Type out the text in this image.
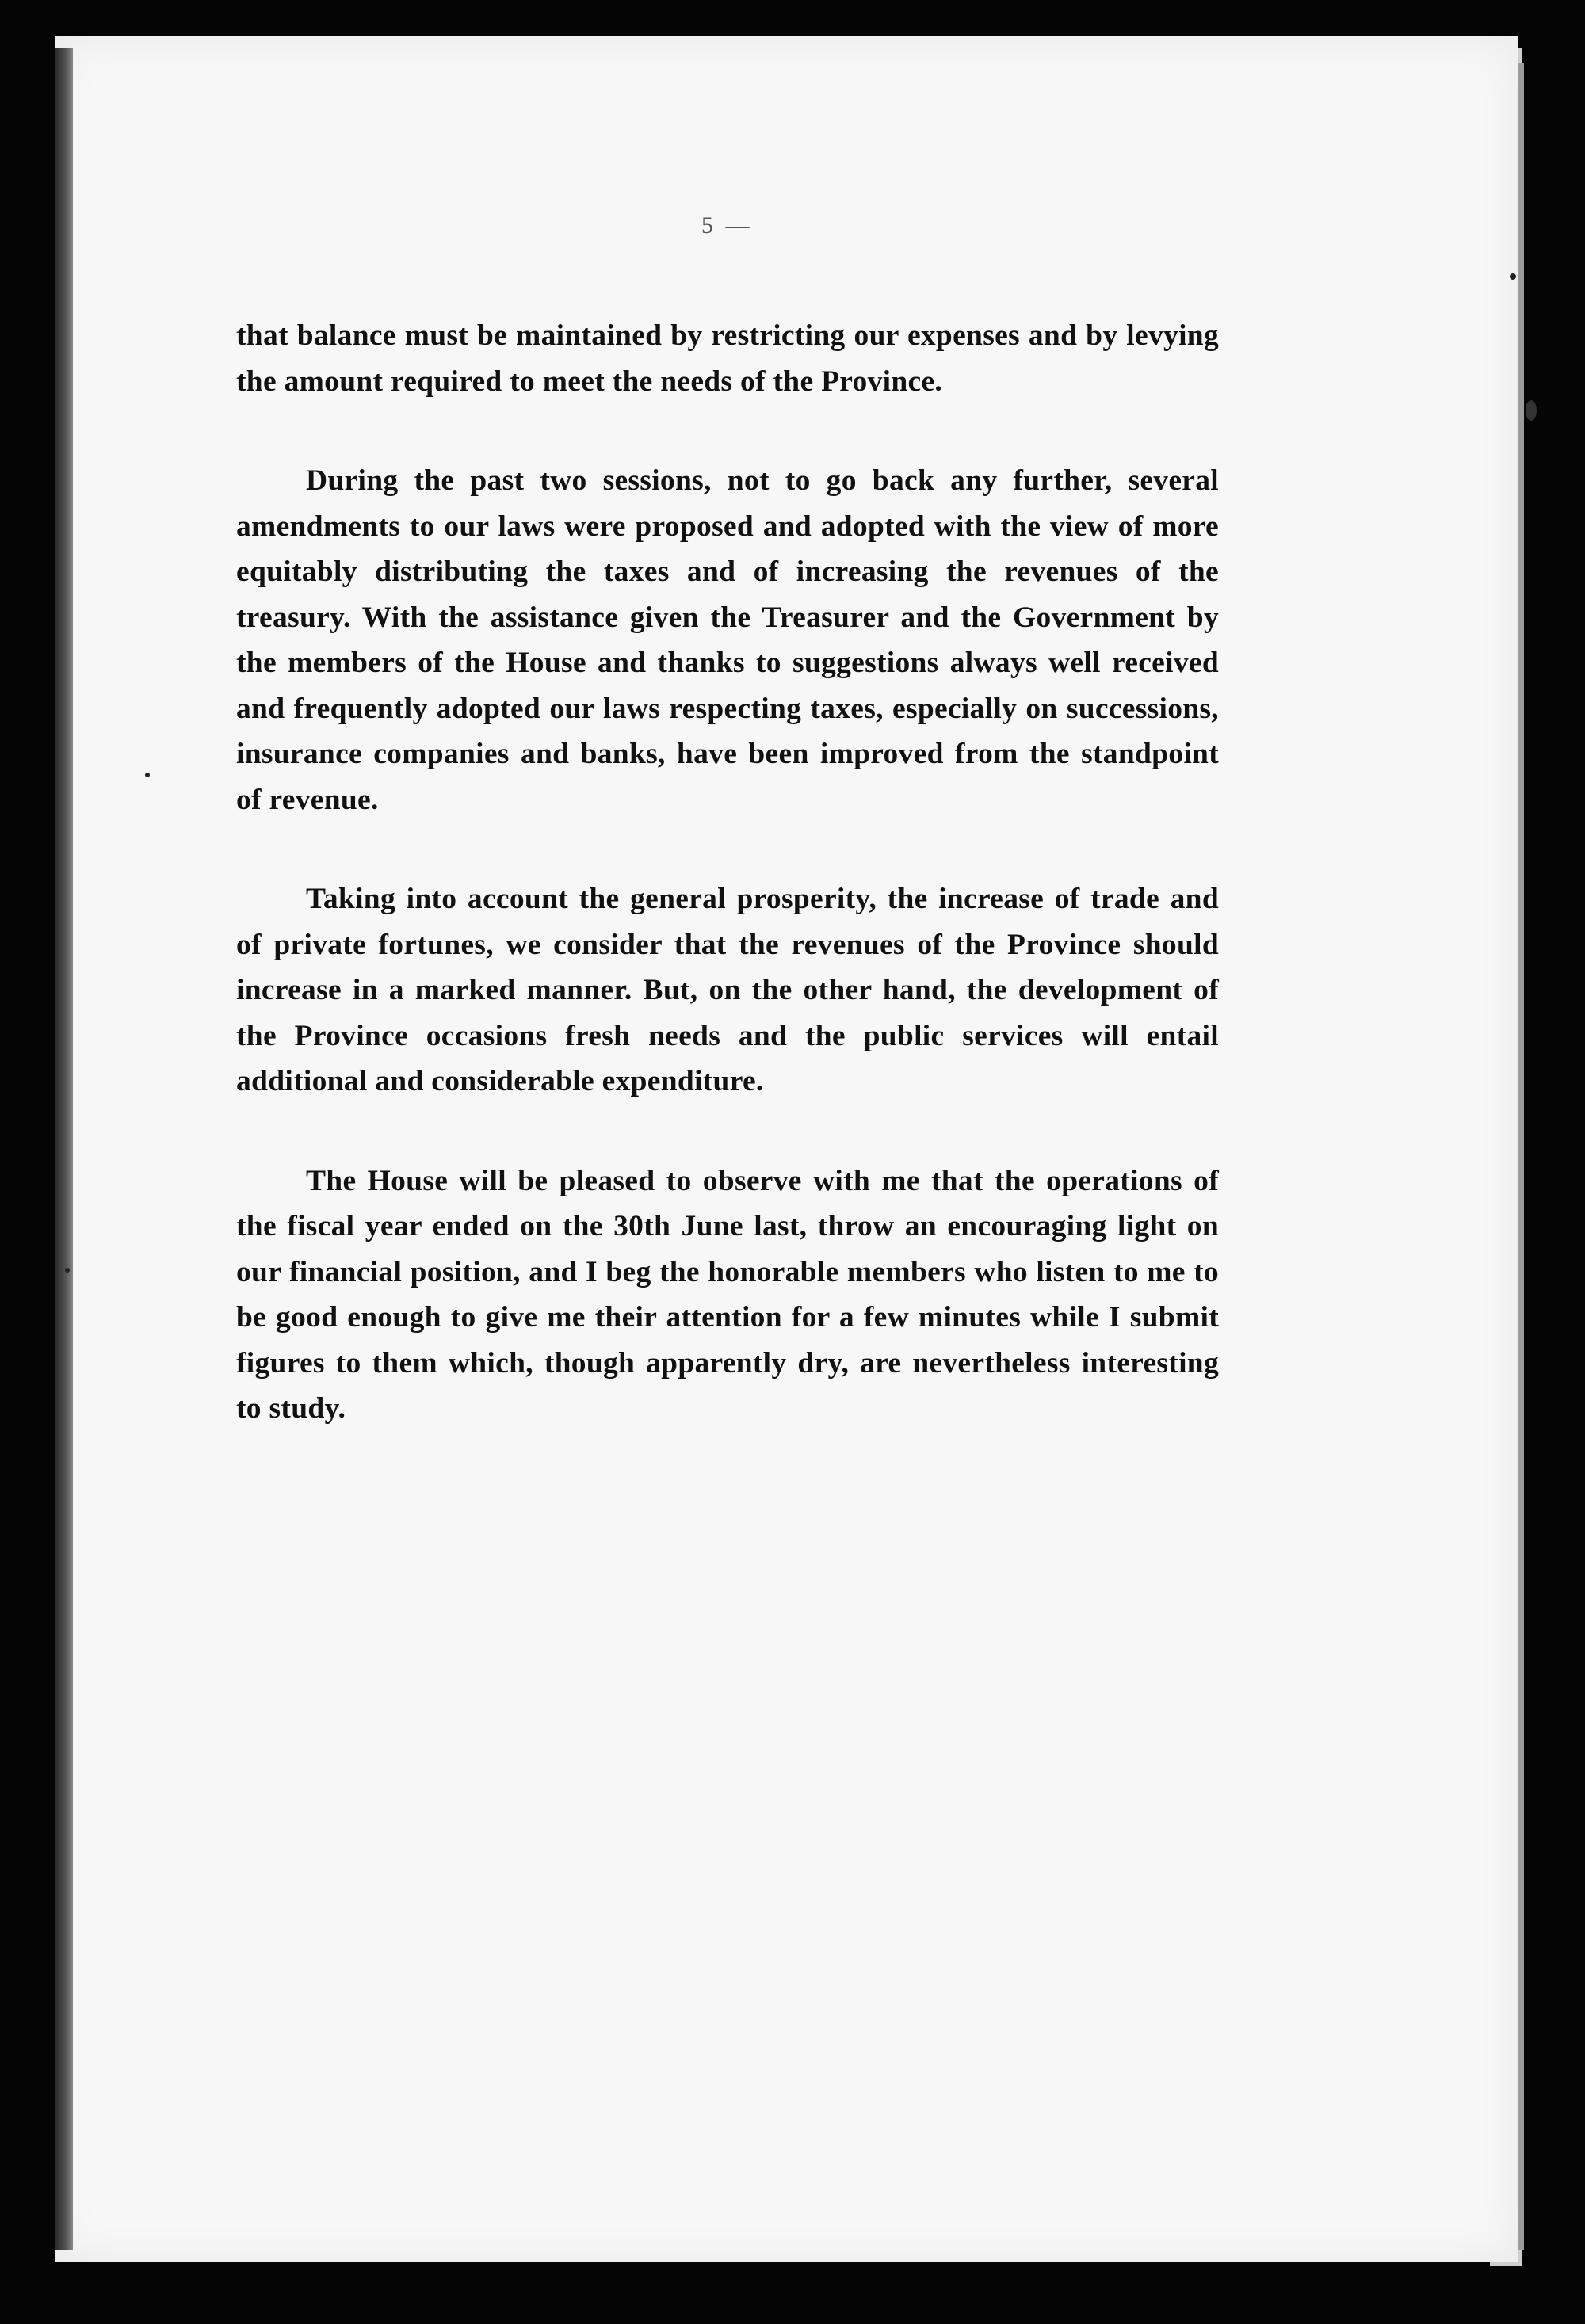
5 —

that balance must be maintained by restricting our expenses and by levying the amount required to meet the needs of the Province.

During the past two sessions, not to go back any further, several amendments to our laws were proposed and adopted with the view of more equitably distributing the taxes and of increasing the revenues of the treasury. With the assistance given the Treasurer and the Government by the members of the House and thanks to suggestions always well received and frequently adopted our laws respecting taxes, especially on successions, insurance companies and banks, have been improved from the standpoint of revenue.

Taking into account the general prosperity, the increase of trade and of private fortunes, we consider that the revenues of the Province should increase in a marked manner. But, on the other hand, the development of the Province occasions fresh needs and the public services will entail additional and considerable expenditure.

The House will be pleased to observe with me that the operations of the fiscal year ended on the 30th June last, throw an encouraging light on our financial position, and I beg the honorable members who listen to me to be good enough to give me their attention for a few minutes while I submit figures to them which, though apparently dry, are nevertheless interesting to study.
